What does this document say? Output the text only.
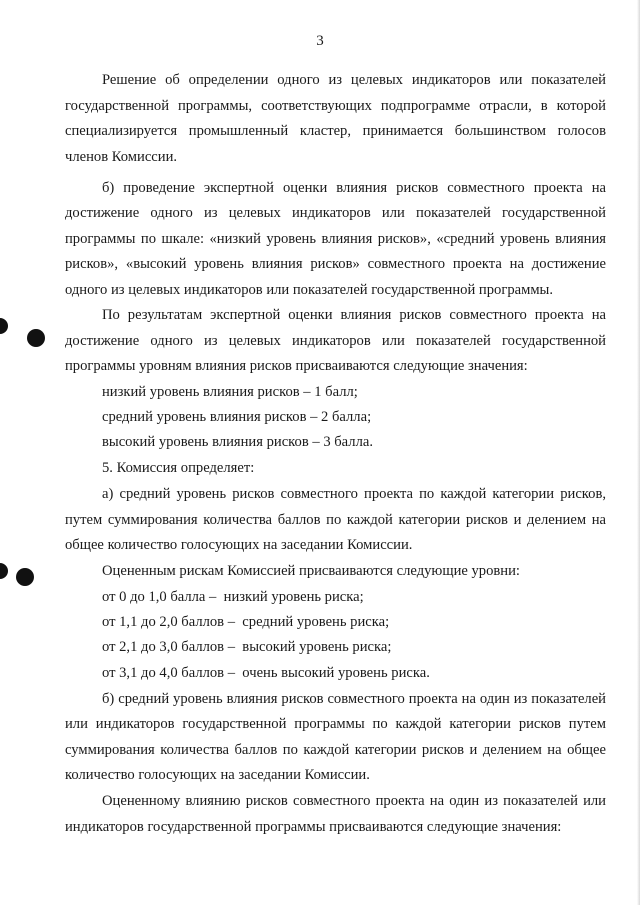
3
Решение об определении одного из целевых индикаторов или показателей
государственной программы, соответствующих подпрограмме отрасли, в которой
специализируется промышленный кластер, принимается большинством голосов
членов Комиссии.
б) проведение экспертной оценки влияния рисков совместного проекта на
достижение одного из целевых индикаторов или показателей государственной
программы по шкале: «низкий уровень влияния рисков», «средний уровень влияния
рисков», «высокий уровень влияния рисков» совместного проекта на достижение
одного из целевых индикаторов или показателей государственной программы.
По результатам экспертной оценки влияния рисков совместного проекта на
достижение одного из целевых индикаторов или показателей государственной
программы уровням влияния рисков присваиваются следующие значения:
низкий уровень влияния рисков – 1 балл;
средний уровень влияния рисков – 2 балла;
высокий уровень влияния рисков – 3 балла.
5. Комиссия определяет:
а) средний уровень рисков совместного проекта по каждой категории рисков,
путем суммирования количества баллов по каждой категории рисков и делением на
общее количество голосующих на заседании Комиссии.
Оцененным рискам Комиссией присваиваются следующие уровни:
от 0 до 1,0 балла –  низкий уровень риска;
от 1,1 до 2,0 баллов –  средний уровень риска;
от 2,1 до 3,0 баллов –  высокий уровень риска;
от 3,1 до 4,0 баллов –  очень высокий уровень риска.
б) средний уровень влияния рисков совместного проекта на один из показателей
или индикаторов государственной программы по каждой категории рисков путем
суммирования количества баллов по каждой категории рисков и делением на общее
количество голосующих на заседании Комиссии.
Оцененному влиянию рисков совместного проекта на один из показателей или
индикаторов государственной программы присваиваются следующие значения:
